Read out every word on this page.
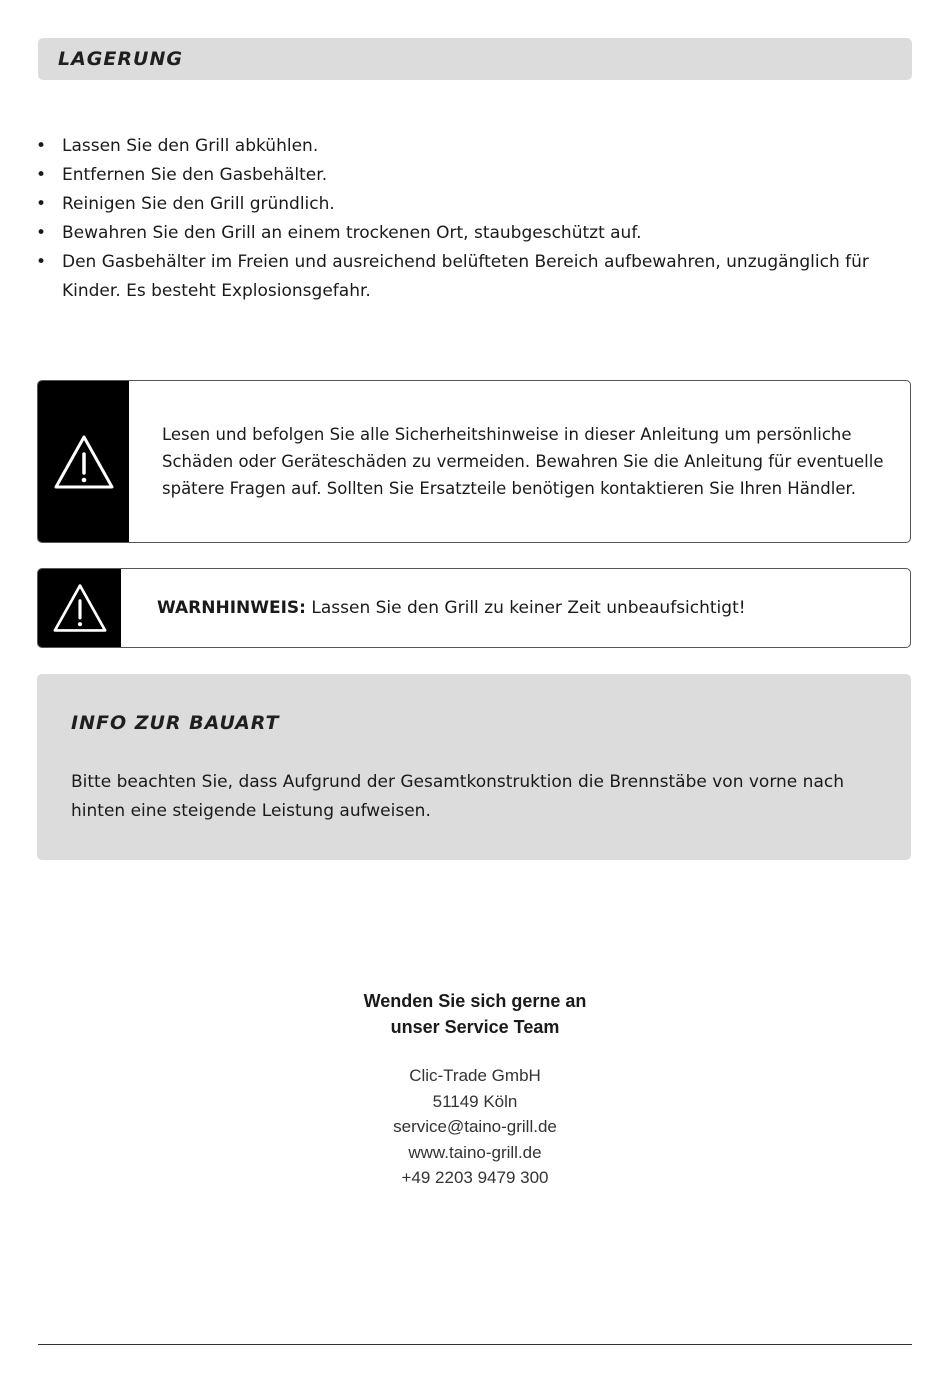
LAGERUNG
• Lassen Sie den Grill abkühlen.
• Entfernen Sie den Gasbehälter.
• Reinigen Sie den Grill gründlich.
• Bewahren Sie den Grill an einem trockenen Ort, staubgeschützt auf.
• Den Gasbehälter im Freien und ausreichend belüfteten Bereich aufbewahren, unzugänglich für Kinder. Es besteht Explosionsgefahr.
Lesen und befolgen Sie alle Sicherheitshinweise in dieser Anleitung um persönliche Schäden oder Geräteschäden zu vermeiden. Bewahren Sie die Anleitung für eventuelle spätere Fragen auf. Sollten Sie Ersatzteile benötigen kontaktieren Sie Ihren Händler.
WARNHINWEIS: Lassen Sie den Grill zu keiner Zeit unbeaufsichtigt!
INFO ZUR BAUART
Bitte beachten Sie, dass Aufgrund der Gesamtkonstruktion die Brennstäbe von vorne nach hinten eine steigende Leistung aufweisen.
Wenden Sie sich gerne an
unser Service Team
Clic-Trade GmbH
51149 Köln
service@taino-grill.de
www.taino-grill.de
+49 2203 9479 300
